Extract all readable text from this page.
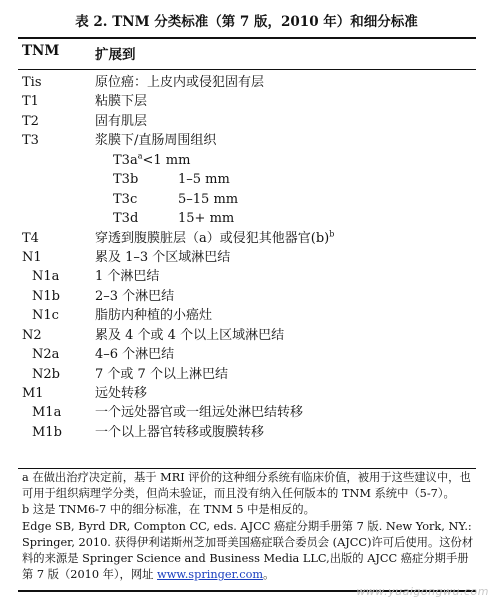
表 2. TNM 分类标准（第 7 版，2010 年）和细分标准
TNM	扩展到
Tis	原位癌：上皮内或侵犯固有层
T1	粘膜下层
T2	固有肌层
T3	浆膜下/直肠周围组织
$T3a^a<1$ mm
T3b	1–5 mm
T3c	5–15 mm
T3d	15+ mm
T4	穿透到腹膜脏层（a）或侵犯其他器官$(b)^b$
N1	累及 1–3 个区域淋巴结
N1a	1 个淋巴结
N1b	2–3 个淋巴结
N1c	脂肪内种植的小癌灶
N2	累及 4 个或 4 个以上区域淋巴结
N2a	4–6 个淋巴结
N2b	7 个或 7 个以上淋巴结
M1	远处转移
M1a	一个远处器官或一组远处淋巴结转移
M1b	一个以上器官转移或腹膜转移

a 在做出治疗决定前，基于 MRI 评价的这种细分系统有临床价值，被用于这些建议中，也可用于组织病理学分类，但尚未验证，而且没有纳入任何版本的 TNM 系统中（5-7）。

b 这是 TNM6-7 中的细分标准，在 TNM 5 中是相反的。

Edge SB, Byrd DR, Compton CC, eds. AJCC 癌症分期手册第 7 版. New York, NY.: Springer, 2010. 获得伊利诺斯州芝加哥美国癌症联合委员会 (AJCC)许可后使用。这份材料的来源是 Springer Science and Business Media LLC,出版的 AJCC 癌症分期手册第 7 版（2010 年），网址 www.springer.com。

www.yuaigongwu.com
